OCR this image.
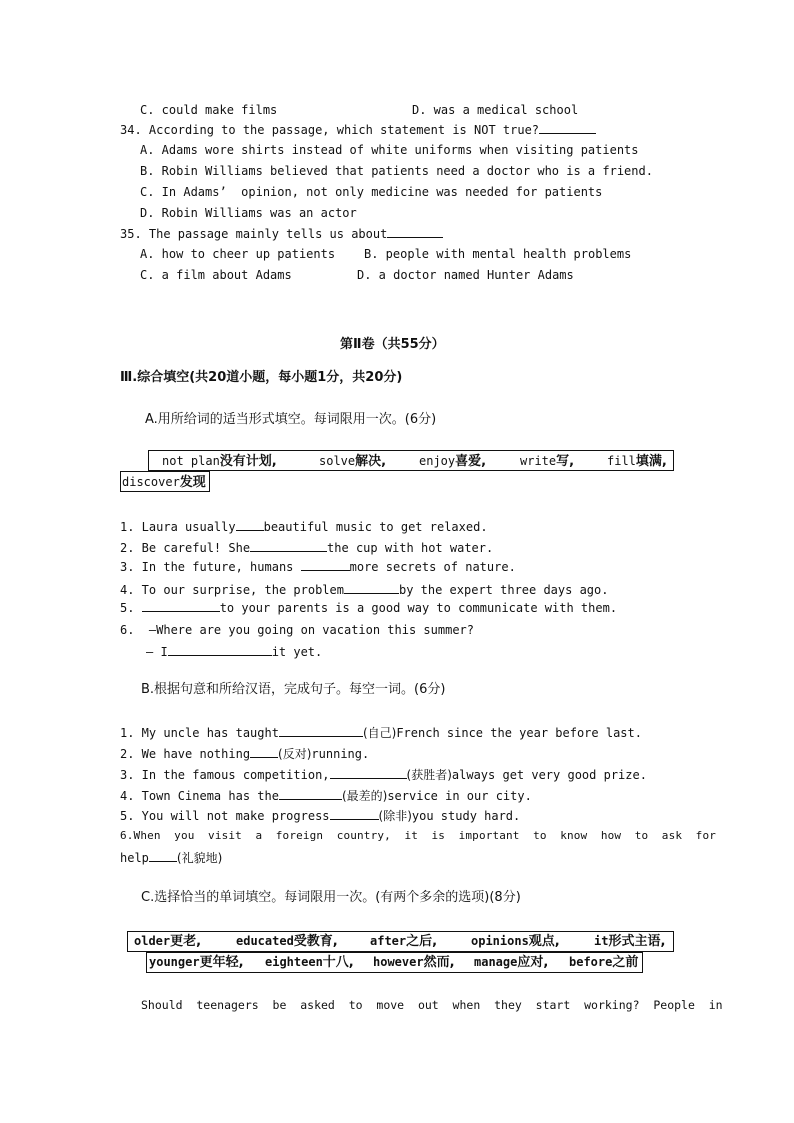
C. could make films	D. was a medical school
34. According to the passage, which statement is NOT true?
A. Adams wore shirts instead of white uniforms when visiting patients
B. Robin Williams believed that patients need a doctor who is a friend.
C. In Adams’  opinion, not only medicine was needed for patients
D. Robin Williams was an actor
35. The passage mainly tells us about
A. how to cheer up patients B. people with mental health problems
C. a film about Adams	D. a doctor named Hunter Adams
第Ⅱ卷（共55分）
Ⅲ.综合填空(共20道小题，每小题1分，共20分)
A.用所给词的适当形式填空。每词限用一次。(6分)
not plan没有计划,	solve解决,	enjoy喜爱,	write写,	fill填满,
discover发现
1. Laura usually beautiful music to get relaxed.
2. Be careful! She	the cup with hot water.
3. In the future, humans	more secrets of nature.
4. To our surprise, the problem	by the expert three days ago.
5.	to your parents is a good way to communicate with them.
6.  —Where are you going on vacation this summer?
— I	it yet.
B.根据句意和所给汉语，完成句子。每空一词。(6分)
1. My uncle has taught	(自己)French since the year before last.
2. We have nothing (反对)running.
3. In the famous competition,	(获胜者)always get very good prize.
4. Town Cinema has the	(最差的)service in our city.
5. You will not make progress	(除非)you study hard.
6.When  you  visit  a  foreign  country,  it  is  important  to  know  how  to  ask  for
help (礼貌地)
C.选择恰当的单词填空。每词限用一次。(有两个多余的选项)(8分)
older更老,	educated受教育,	after之后,	opinions观点,	it形式主语,
younger更年轻, eighteen十八, however然而, manage应对, before之前
Should  teenagers  be  asked  to  move  out  when  they  start  working?  People  in
